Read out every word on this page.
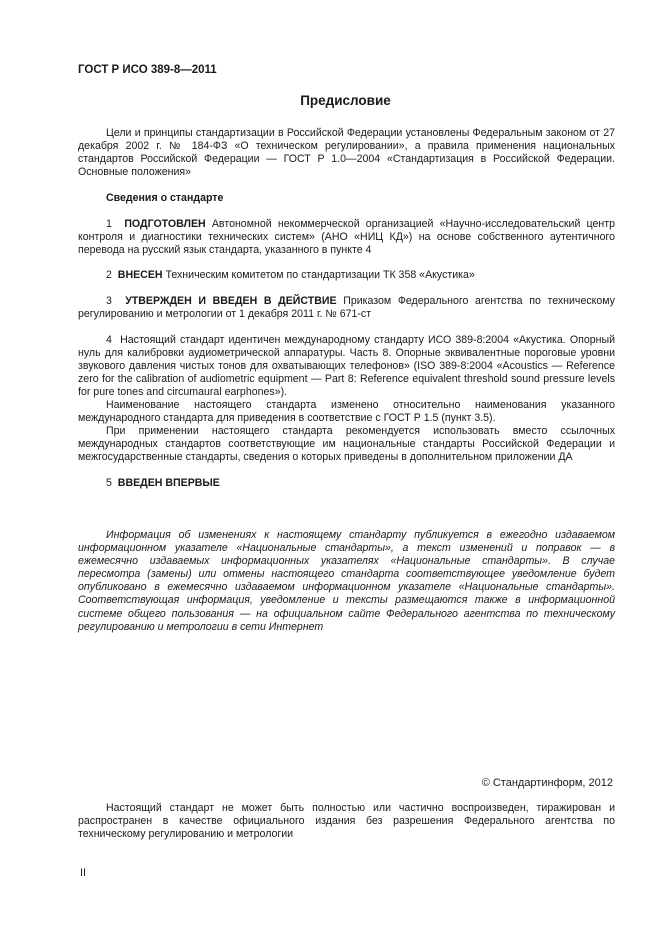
ГОСТ Р ИСО 389-8—2011
Предисловие

Цели и принципы стандартизации в Российской Федерации установлены Федеральным законом от 27 декабря 2002 г. № 184-ФЗ «О техническом регулировании», а правила применения национальных стандартов Российской Федерации — ГОСТ Р 1.0—2004 «Стандартизация в Российской Федерации. Основные положения»

Сведения о стандарте

1 ПОДГОТОВЛЕН Автономной некоммерческой организацией «Научно-исследовательский центр контроля и диагностики технических систем» (АНО «НИЦ КД») на основе собственного аутентичного перевода на русский язык стандарта, указанного в пункте 4

2 ВНЕСЕН Техническим комитетом по стандартизации ТК 358 «Акустика»

3 УТВЕРЖДЕН И ВВЕДЕН В ДЕЙСТВИЕ Приказом Федерального агентства по техническому регулированию и метрологии от 1 декабря 2011 г. № 671-ст

4 Настоящий стандарт идентичен международному стандарту ИСО 389-8:2004 «Акустика. Опорный нуль для калибровки аудиометрической аппаратуры. Часть 8. Опорные эквивалентные пороговые уровни звукового давления чистых тонов для охватывающих телефонов» (ISO 389-8:2004 «Acoustics — Reference zero for the calibration of audiometric equipment — Part 8: Reference equivalent threshold sound pressure levels for pure tones and circumaural earphones»).

Наименование настоящего стандарта изменено относительно наименования указанного международного стандарта для приведения в соответствие с ГОСТ Р 1.5 (пункт 3.5).

При применении настоящего стандарта рекомендуется использовать вместо ссылочных международных стандартов соответствующие им национальные стандарты Российской Федерации и межгосударственные стандарты, сведения о которых приведены в дополнительном приложении ДА

5 ВВЕДЕН ВПЕРВЫЕ

Информация об изменениях к настоящему стандарту публикуется в ежегодно издаваемом информационном указателе «Национальные стандарты», а текст изменений и поправок — в ежемесячно издаваемых информационных указателях «Национальные стандарты». В случае пересмотра (замены) или отмены настоящего стандарта соответствующее уведомление будет опубликовано в ежемесячно издаваемом информационном указателе «Национальные стандарты». Соответствующая информация, уведомление и тексты размещаются также в информационной системе общего пользования — на официальном сайте Федерального агентства по техническому регулированию и метрологии в сети Интернет

© Стандартинформ, 2012

Настоящий стандарт не может быть полностью или частично воспроизведен, тиражирован и распространен в качестве официального издания без разрешения Федерального агентства по техническому регулированию и метрологии

II
